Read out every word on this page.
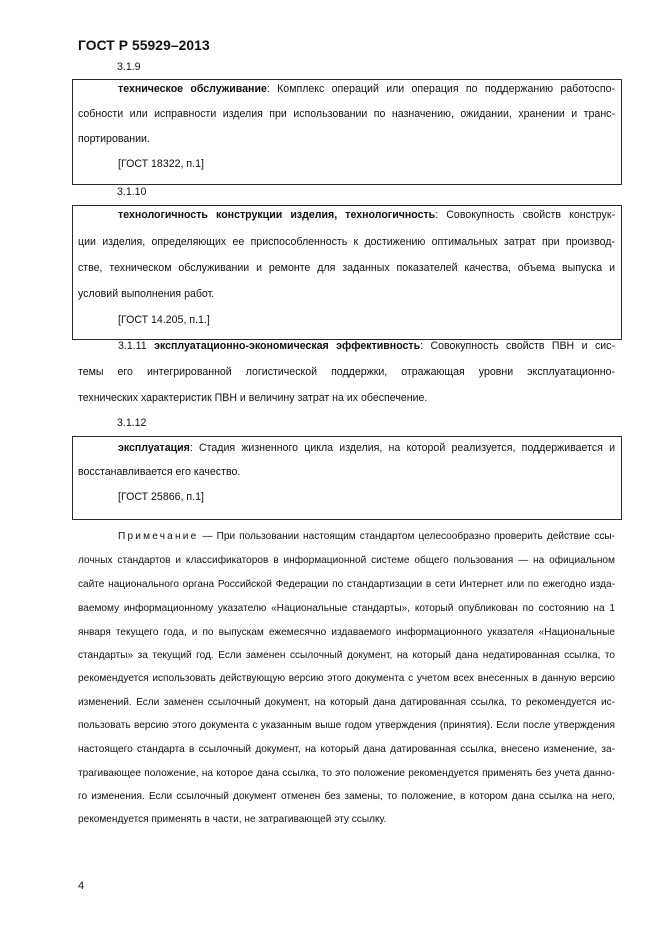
ГОСТ Р 55929–2013
3.1.9
техническое обслуживание: Комплекс операций или операция по поддержанию работоспо-
собности или исправности изделия при использовании по назначению, ожидании, хранении и транс-
портировании.
[ГОСТ 18322, п.1]
3.1.10
технологичность конструкции изделия, технологичность: Совокупность свойств конструк-
ции изделия, определяющих ее приспособленность к достижению оптимальных затрат при производ-
стве, техническом обслуживании и ремонте для заданных показателей качества, объема выпуска и
условий выполнения работ.
[ГОСТ 14.205, п.1.]
3.1.11 эксплуатационно-экономическая эффективность: Совокупность свойств ПВН и сис-
темы его интегрированной логистической поддержки, отражающая уровни эксплуатационно-
технических характеристик ПВН и величину затрат на их обеспечение.
3.1.12
эксплуатация: Стадия жизненного цикла изделия, на которой реализуется, поддерживается и
восстанавливается его качество.
[ГОСТ 25866, п.1]
Примечание — При пользовании настоящим стандартом целесообразно проверить действие ссы-
лочных стандартов и классификаторов в информационной системе общего пользования — на официальном
сайте национального органа Российской Федерации по стандартизации в сети Интернет или по ежегодно изда-
ваемому информационному указателю «Национальные стандарты», который опубликован по состоянию на 1
января текущего года, и по выпускам ежемесячно издаваемого информационного указателя «Национальные
стандарты» за текущий год. Если заменен ссылочный документ, на который дана недатированная ссылка, то
рекомендуется использовать действующую версию этого документа с учетом всех внесенных в данную версию
изменений. Если заменен ссылочный документ, на который дана датированная ссылка, то рекомендуется ис-
пользовать версию этого документа с указанным выше годом утверждения (принятия). Если после утверждения
настоящего стандарта в ссылочный документ, на который дана датированная ссылка, внесено изменение, за-
трагивающее положение, на которое дана ссылка, то это положение рекомендуется применять без учета данно-
го изменения. Если ссылочный документ отменен без замены, то положение, в котором дана ссылка на него,
рекомендуется применять в части, не затрагивающей эту ссылку.
4
